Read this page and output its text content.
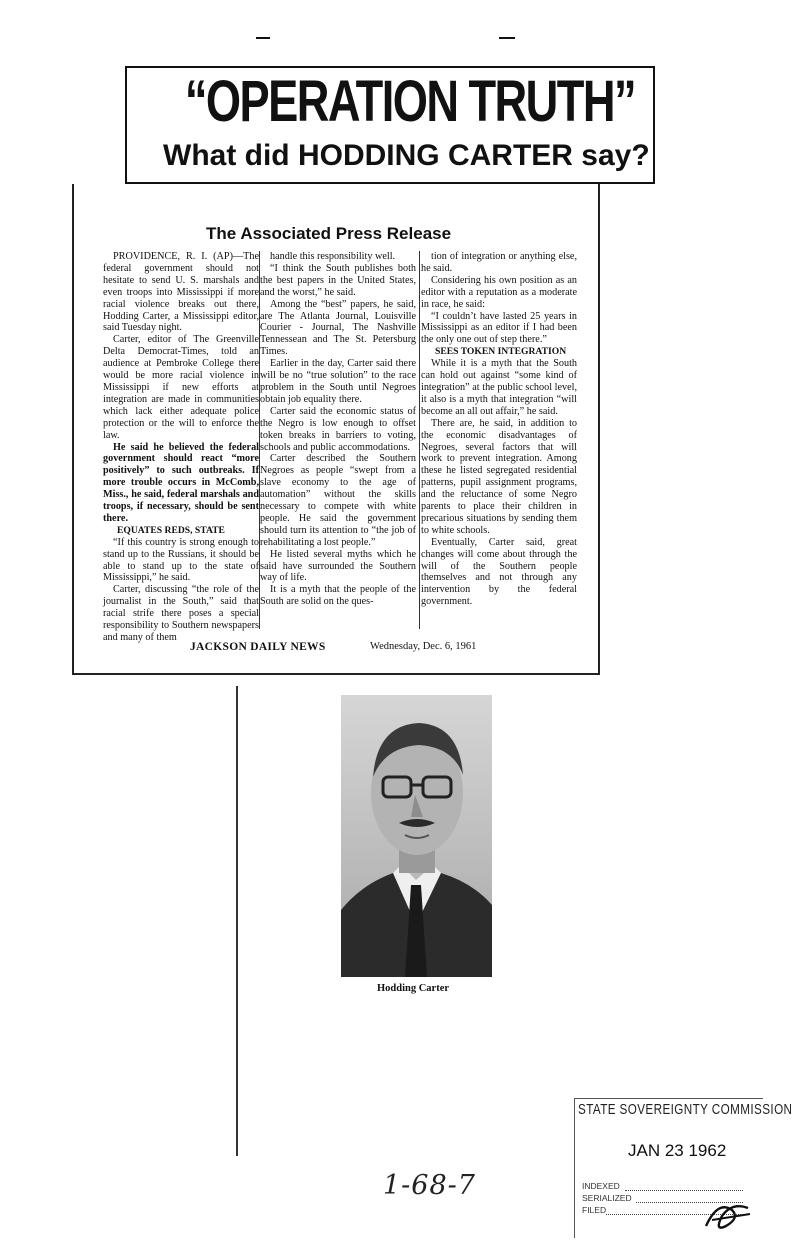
“OPERATION TRUTH”
What did HODDING CARTER say?
The Associated Press Release

PROVIDENCE, R. I. (AP)—The federal government should not hesitate to send U. S. marshals and even troops into Mississippi if more racial violence breaks out there, Hodding Carter, a Mississippi editor, said Tuesday night.

Carter, editor of The Greenville Delta Democrat-Times, told an audience at Pembroke College there would be more racial violence in Mississippi if new efforts at integration are made in communities which lack either adequate police protection or the will to enforce the law.

He said he believed the federal government should react “more positively” to such outbreaks. If more trouble occurs in McComb, Miss., he said, federal marshals and troops, if necessary, should be sent there.

EQUATES REDS, STATE

“If this country is strong enough to stand up to the Russians, it should be able to stand up to the state of Mississippi,” he said.

Carter, discussing “the role of the journalist in the South,” said that racial strife there poses a special responsibility to Southern newspapers and many of them

handle this responsibility well.

“I think the South publishes both the best papers in the United States, and the worst,” he said.

Among the “best” papers, he said, are The Atlanta Journal, Louisville Courier - Journal, The Nashville Tennessean and The St. Petersburg Times.

Earlier in the day, Carter said there will be no “true solution” to the race problem in the South until Negroes obtain job equality there.

Carter said the economic status of the Negro is low enough to offset token breaks in barriers to voting, schools and public accommodations.

Carter described the Southern Negroes as people “swept from a slave economy to the age of automation” without the skills necessary to compete with white people. He said the government should turn its attention to “the job of rehabilitating a lost people.”

He listed several myths which he said have surrounded the Southern way of life.

It is a myth that the people of the South are solid on the ques-

tion of integration or anything else, he said.

Considering his own position as an editor with a reputation as a moderate in race, he said:

“I couldn’t have lasted 25 years in Mississippi as an editor if I had been the only one out of step there.”

SEES TOKEN INTEGRATION

While it is a myth that the South can hold out against “some kind of integration” at the public school level, it also is a myth that integration “will become an all out affair,” he said.

There are, he said, in addition to the economic disadvantages of Negroes, several factors that will work to prevent integration. Among these he listed segregated residential patterns, pupil assignment programs, and the reluctance of some Negro parents to place their children in precarious situations by sending them to white schools.

Eventually, Carter said, great changes will come about through the will of the Southern people themselves and not through any intervention by the federal government.

JACKSON DAILY NEWS	Wednesday, Dec. 6, 1961
Hodding Carter
STATE SOVEREIGNTY COMMISSION
JAN 23 1962
INDEXED
SERIALIZED
FILED
1-68-7
